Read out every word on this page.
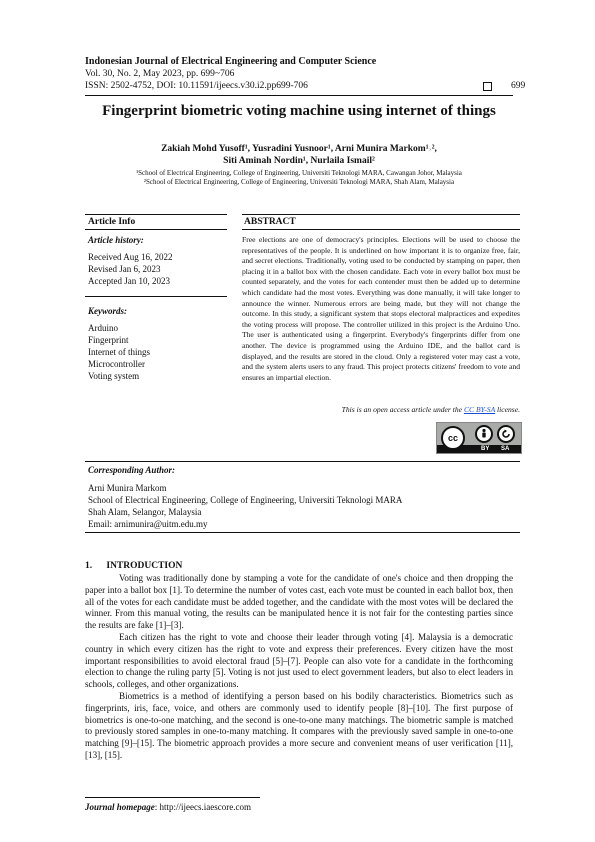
Indonesian Journal of Electrical Engineering and Computer Science
Vol. 30, No. 2, May 2023, pp. 699~706
ISSN: 2502-4752, DOI: 10.11591/ijeecs.v30.i2.pp699-706	699
Fingerprint biometric voting machine using internet of things
Zakiah Mohd Yusoff¹, Yusradini Yusnoor¹, Arni Munira Markom¹˒²,
Siti Aminah Nordin¹, Nurlaila Ismail²
¹School of Electrical Engineering, College of Engineering, Universiti Teknologi MARA, Cawangan Johor, Malaysia
²School of Electrical Engineering, College of Engineering, Universiti Teknologi MARA, Shah Alam, Malaysia
Article Info	ABSTRACT
Article history:
Received Aug 16, 2022
Revised Jan 6, 2023
Accepted Jan 10, 2023
Keywords:
Arduino
Fingerprint
Internet of things
Microcontroller
Voting system
Free elections are one of democracy's principles. Elections will be used to choose the representatives of the people. It is underlined on how important it is to organize free, fair, and secret elections. Traditionally, voting used to be conducted by stamping on paper, then placing it in a ballot box with the chosen candidate. Each vote in every ballot box must be counted separately, and the votes for each contender must then be added up to determine which candidate had the most votes. Everything was done manually, it will take longer to announce the winner. Numerous errors are being made, but they will not change the outcome. In this study, a significant system that stops electoral malpractices and expedites the voting process will propose. The controller utilized in this project is the Arduino Uno. The user is authenticated using a fingerprint. Everybody's fingerprints differ from one another. The device is programmed using the Arduino IDE, and the ballot card is displayed, and the results are stored in the cloud. Only a registered voter may cast a vote, and the system alerts users to any fraud. This project protects citizens' freedom to vote and ensures an impartial election.
This is an open access article under the CC BY-SA license.
cc
BY SA
Corresponding Author:
Arni Munira Markom
School of Electrical Engineering, College of Engineering, Universiti Teknologi MARA
Shah Alam, Selangor, Malaysia
Email: arnimunira@uitm.edu.my
1.      INTRODUCTION

Voting was traditionally done by stamping a vote for the candidate of one's choice and then dropping the paper into a ballot box [1]. To determine the number of votes cast, each vote must be counted in each ballot box, then all of the votes for each candidate must be added together, and the candidate with the most votes will be declared the winner. From this manual voting, the results can be manipulated hence it is not fair for the contesting parties since the results are fake [1]–[3].

Each citizen has the right to vote and choose their leader through voting [4]. Malaysia is a democratic country in which every citizen has the right to vote and express their preferences. Every citizen have the most important responsibilities to avoid electoral fraud [5]–[7]. People can also vote for a candidate in the forthcoming election to change the ruling party [5]. Voting is not just used to elect government leaders, but also to elect leaders in schools, colleges, and other organizations.

Biometrics is a method of identifying a person based on his bodily characteristics. Biometrics such as fingerprints, iris, face, voice, and others are commonly used to identify people [8]–[10]. The first purpose of biometrics is one-to-one matching, and the second is one-to-one many matchings. The biometric sample is matched to previously stored samples in one-to-many matching. It compares with the previously saved sample in one-to-one matching [9]–[15]. The biometric approach provides a more secure and convenient means of user verification [11], [13], [15].

Journal homepage: http://ijeecs.iaescore.com
